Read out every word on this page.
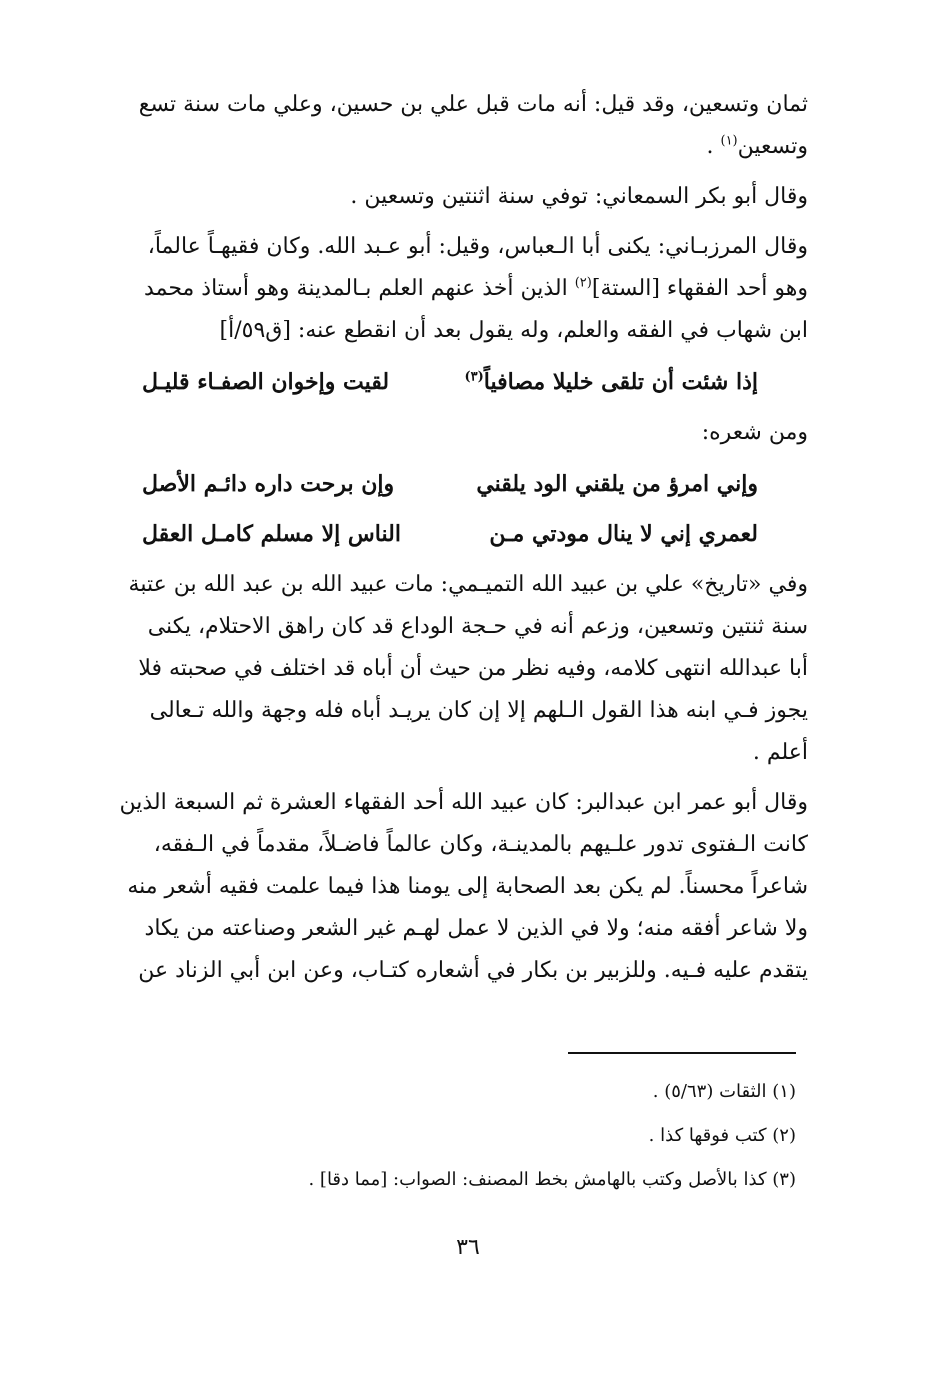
ثمان وتسعين، وقد قيل: أنه مات قبل علي بن حسين، وعلي مات سنة تسع
وتسعين$^{(١)}$ .

وقال أبو بكر السمعاني: توفي سنة اثنتين وتسعين .

وقال المرزبـاني: يكنى أبا الـعباس، وقيل: أبو عـبد الله. وكان فقيهـاً عالماً،
وهو أحد الفقهاء [الستة]$^{(٢)}$ الذين أخذ عنهم العلم بـالمدينة وهو أستاذ محمد
ابن شهاب في الفقه والعلم، وله يقول بعد أن انقطع عنه: [ق٥٩/أ]

إذا شئت أن تلقى خليلا مصافياً$^{(٣)}$
لقيت وإخوان الصفـاء قليـل

ومن شعره:

وإني امرؤ من يلقني الود يلقني
وإن برحت داره دائـم الأصل
لعمري إني لا ينال مودتي مـن
الناس إلا مسلم كامـل العقل

وفي «تاريخ» علي بن عبيد الله التميـمي: مات عبيد الله بن عبد الله بن عتبة
سنة ثنتين وتسعين، وزعم أنه في حـجة الوداع قد كان راهق الاحتلام، يكنى
أبا عبدالله انتهى كلامه، وفيه نظر من حيث أن أباه قد اختلف في صحبته فلا
يجوز فـي ابنه هذا القول الـلهم إلا إن كان يريـد أباه فله وجهة والله تـعالى
أعلم .

وقال أبو عمر ابن عبدالبر: كان عبيد الله أحد الفقهاء العشرة ثم السبعة الذين
كانت الـفتوى تدور علـيهم بالمدينـة، وكان عالماً فاضـلاً، مقدماً في الـفقه،
شاعراً محسناً. لم يكن بعد الصحابة إلى يومنا هذا فيما علمت فقيه أشعر منه
ولا شاعر أفقه منه؛ ولا في الذين لا عمل لهـم غير الشعر وصناعته من يكاد
يتقدم عليه فـيه. وللزبير بن بكار في أشعاره كتـاب، وعن ابن أبي الزناد عن

(١) الثقات (٥/٦٣) .
(٢) كتب فوقها كذا .
(٣) كذا بالأصل وكتب بالهامش بخط المصنف: الصواب: [مما دقا] .
٣٦
